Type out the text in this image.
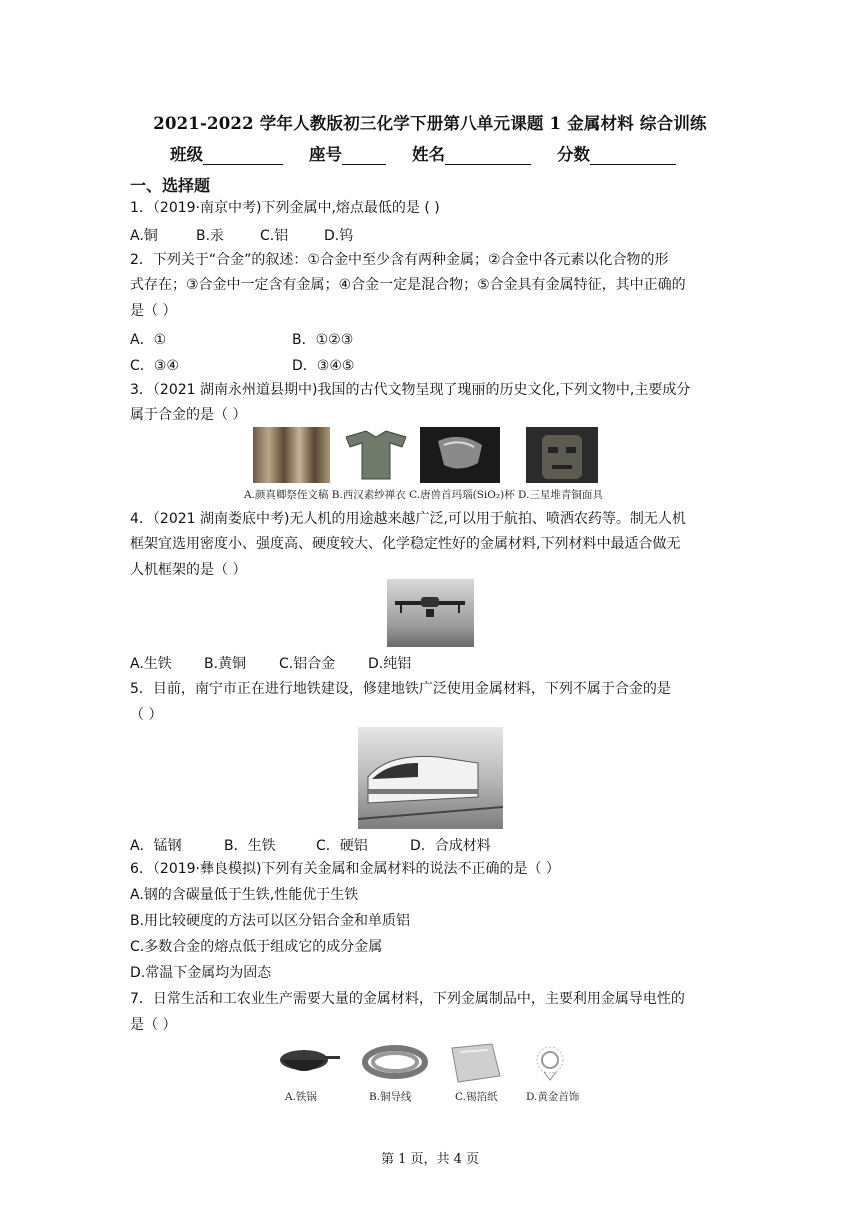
2021-2022 学年人教版初三化学下册第八单元课题 1 金属材料 综合训练
班级	座号	姓名	分数
一、选择题
1．（2019·南京中考)下列金属中,熔点最低的是 ( )
A.铜	B.汞	C.铝	D.钨
2．下列关于“合金”的叙述：①合金中至少含有两种金属；②合金中各元素以化合物的形
式存在；③合金中一定含有金属；④合金一定是混合物；⑤合金具有金属特征，其中正确的
是（ ）
A．①	B．①②③
C．③④	D．③④⑤
3．（2021 湖南永州道县期中)我国的古代文物呈现了瑰丽的历史文化,下列文物中,主要成分
属于合金的是（ ）
A.颜真卿祭侄文稿 B.西汉素纱禅衣 C.唐兽首玛瑙(SiO₂)杯 D.三星堆青铜面具
4．（2021 湖南娄底中考)无人机的用途越来越广泛,可以用于航拍、喷洒农药等。制无人机
框架宜选用密度小、强度高、硬度较大、化学稳定性好的金属材料,下列材料中最适合做无
人机框架的是（ ）
A.生铁	B.黄铜	C.铝合金	D.纯铝
5．目前，南宁市正在进行地铁建设，修建地铁广泛使用金属材料，下列不属于合金的是
（ ）
A．锰钢	B．生铁	C．硬铝	D．合成材料
6．（2019·彝良模拟)下列有关金属和金属材料的说法不正确的是（ ）
A.钢的含碳量低于生铁,性能优于生铁
B.用比较硬度的方法可以区分铝合金和单质铝
C.多数合金的熔点低于组成它的成分金属
D.常温下金属均为固态
7．日常生活和工农业生产需要大量的金属材料，下列金属制品中，主要利用金属导电性的
是（ ）
A.铁锅	B.铜导线	C.锡箔纸	D.黄金首饰
第 1 页，共 4 页
